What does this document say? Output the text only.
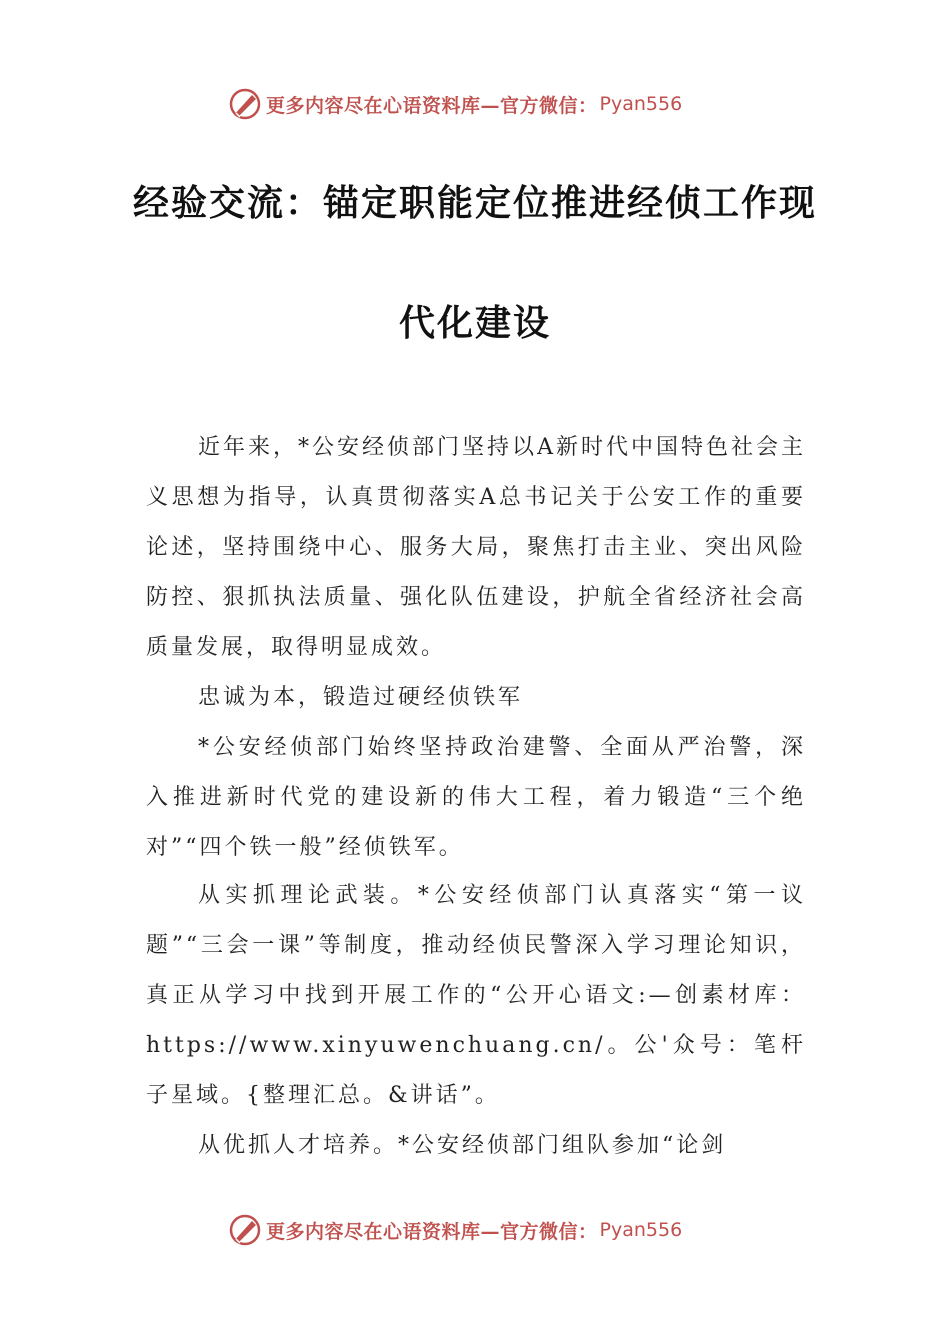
更多内容尽在心语资料库—官方微信： Pyan556
经验交流：锚定职能定位推进经侦工作现
代化建设
近年来，*公安经侦部门坚持以A新时代中国特色社会主义思想为指导，认真贯彻落实A总书记关于公安工作的重要论述，坚持围绕中心、服务大局，聚焦打击主业、突出风险防控、狠抓执法质量、强化队伍建设，护航全省经济社会高质量发展，取得明显成效。
忠诚为本，锻造过硬经侦铁军
*公安经侦部门始终坚持政治建警、全面从严治警，深入推进新时代党的建设新的伟大工程，着力锻造“三个绝对”“四个铁一般”经侦铁军。
从实抓理论武装。*公安经侦部门认真落实“第一议题”“三会一课”等制度，推动经侦民警深入学习理论知识，真正从学习中找到开展工作的“公开心语文:—创素材库：https://www.xinyuwenchuang.cn/。公'众号：笔杆子星域。{整理汇总。&讲话”。
从优抓人才培养。*公安经侦部门组队参加“论剑
更多内容尽在心语资料库—官方微信： Pyan556
